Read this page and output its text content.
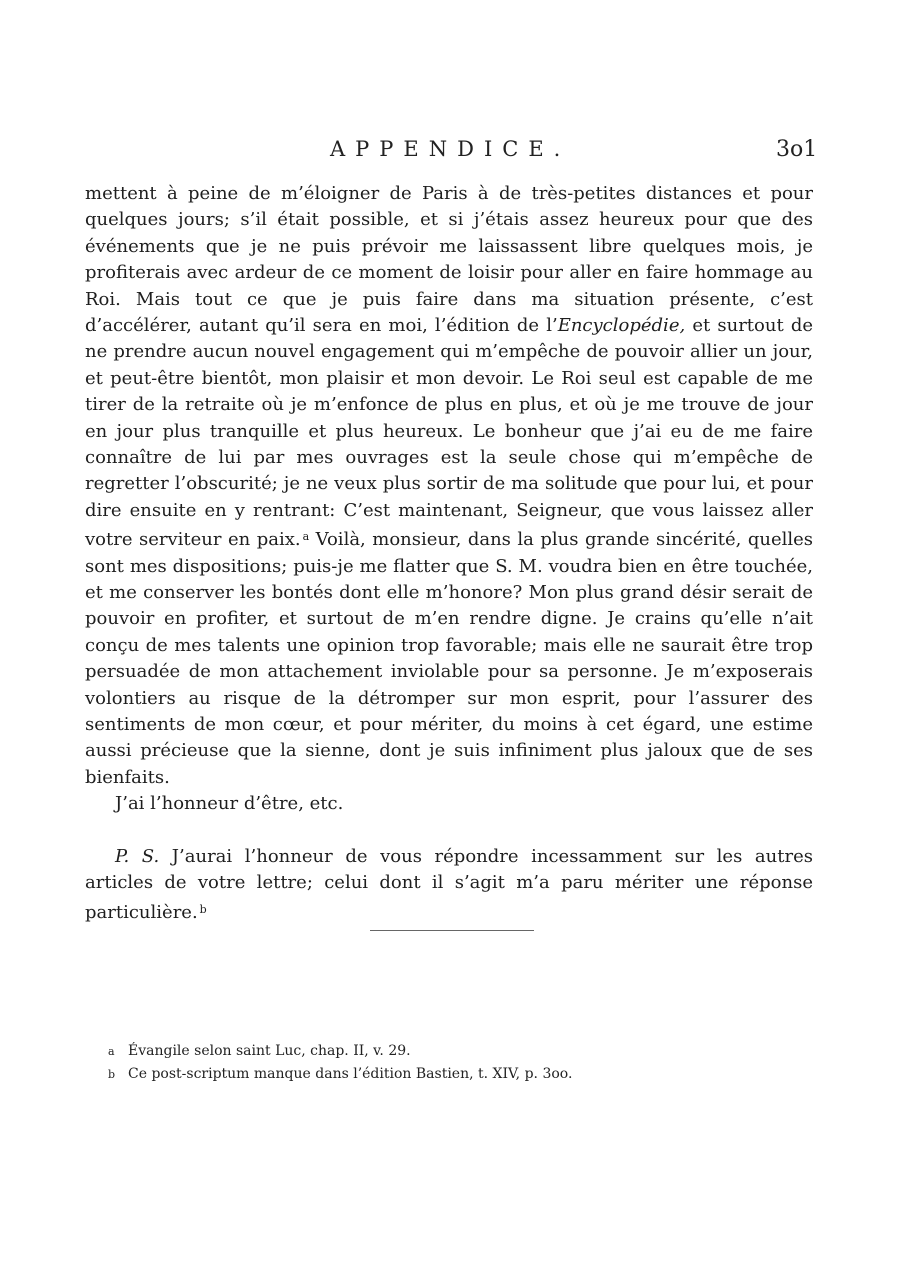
APPENDICE.	3o1

mettent à peine de m’éloigner de Paris à de très-petites distances et pour quelques jours; s’il était possible, et si j’étais assez heureux pour que des événements que je ne puis prévoir me laissassent libre quelques mois, je profiterais avec ardeur de ce moment de loisir pour aller en faire hommage au Roi. Mais tout ce que je puis faire dans ma situation présente, c’est d’accélérer, autant qu’il sera en moi, l’édition de l’Encyclopédie, et surtout de ne prendre aucun nouvel engagement qui m’empêche de pouvoir allier un jour, et peut-être bientôt, mon plaisir et mon devoir. Le Roi seul est capable de me tirer de la retraite où je m’enfonce de plus en plus, et où je me trouve de jour en jour plus tranquille et plus heureux. Le bonheur que j’ai eu de me faire connaître de lui par mes ouvrages est la seule chose qui m’empêche de regretter l’obscurité; je ne veux plus sortir de ma solitude que pour lui, et pour dire ensuite en y rentrant: C’est maintenant, Seigneur, que vous laissez aller votre serviteur en paix. $^a$ Voilà, monsieur, dans la plus grande sincérité, quelles sont mes dispositions; puis-je me flatter que S. M. voudra bien en être touchée, et me conserver les bontés dont elle m’honore? Mon plus grand désir serait de pouvoir en profiter, et surtout de m’en rendre digne. Je crains qu’elle n’ait conçu de mes talents une opinion trop favorable; mais elle ne saurait être trop persuadée de mon attachement inviolable pour sa personne. Je m’exposerais volontiers au risque de la détromper sur mon esprit, pour l’assurer des sentiments de mon cœur, et pour mériter, du moins à cet égard, une estime aussi précieuse que la sienne, dont je suis infiniment plus jaloux que de ses bienfaits.

J’ai l’honneur d’être, etc.

P. S. J’aurai l’honneur de vous répondre incessamment sur les autres articles de votre lettre; celui dont il s’agit m’a paru mériter une réponse particulière. $^b$

a Évangile selon saint Luc, chap. II, v. 29.
b Ce post-scriptum manque dans l’édition Bastien, t. XIV, p. 3oo.
